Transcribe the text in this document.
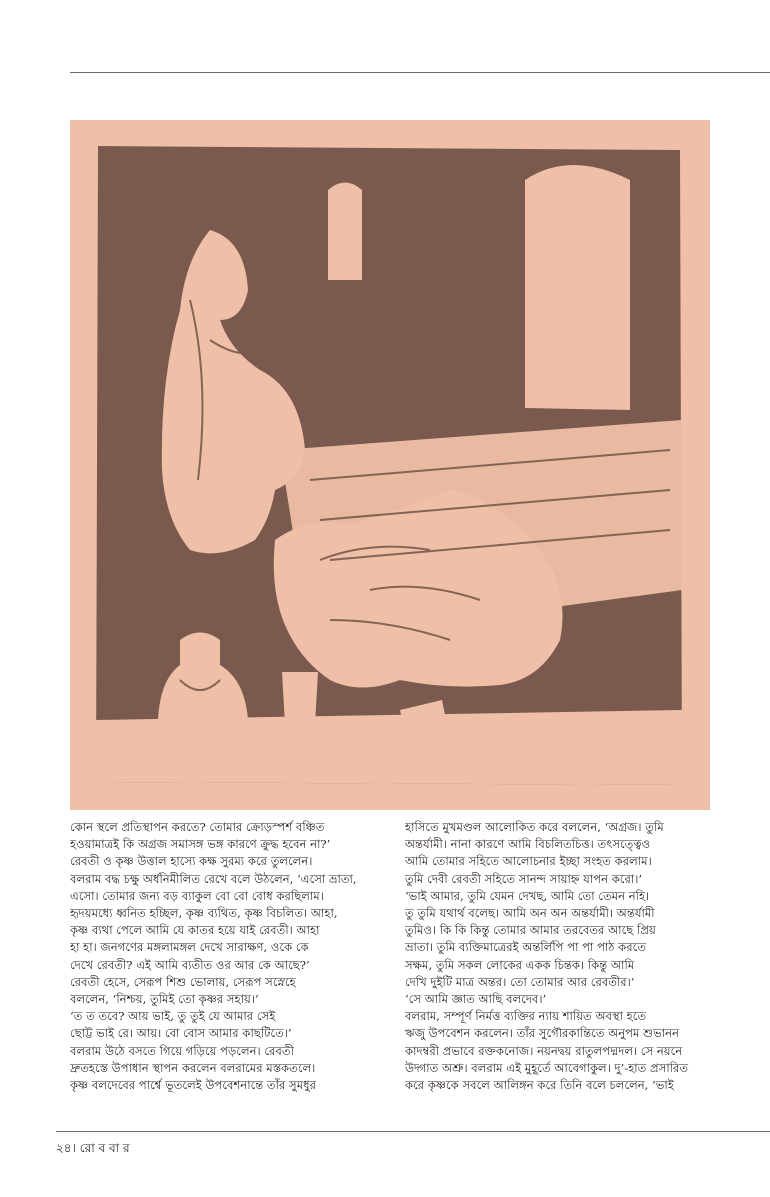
কোন স্থলে প্রতিস্থাপন করতে? তোমার ক্রোড়স্পর্শ বঞ্চিত

হওয়ামাত্রই কি অগ্রজ সমাসঙ্গ ভঙ্গ কারণে ক্রুদ্ধ হবেন না?’

রেবতী ও কৃষ্ণ উত্তাল হাস্যে কক্ষ সুরম্য করে তুললেন।

বলরাম বদ্ধ চক্ষু অর্ধনিমীলিত রেখে বলে উঠলেন, ‘এসো ভ্রাতা,

এসো। তোমার জন্য বড় ব্যাকুল বো বো বোধ করছিলাম।

হৃদয়মধ্যে ধ্বনিত হচ্ছিল, কৃষ্ণ ব্যথিত, কৃষ্ণ বিচলিত। আহা,

কৃষ্ণ ব্যথা পেলে আমি যে কাতর হয়ে যাই রেবতী। আহা

হা হা। জনগণের মঙ্গলামঙ্গল দেখে সারাক্ষণ, ওকে কে

দেখে রেবতী? এই আমি ব্যতীত ওর আর কে আছে?’

রেবতী হেসে, সেরূপ শিশু ভোলায়, সেরূপ সস্নেহে

বললেন, ‘নিশ্চয়, তুমিই তো কৃষ্ণর সহায়।’

‘ত ত তবে? আয় ভাই, তু তুই যে আমার সেই

ছোট্ট ভাই রে। আয়। বো বোস আমার কাছটিতে।’

বলরাম উঠে বসতে গিয়ে গড়িয়ে পড়লেন। রেবতী

দ্রুতহস্তে উপাধান স্থাপন করলেন বলরামের মস্তকতলে।

কৃষ্ণ বলদেবের পার্শ্বে ভূতলেই উপবেশনান্তে তাঁর সুমধুর

হাসিতে মুখমণ্ডল আলোকিত করে বললেন, ‘অগ্রজ। তুমি

অন্তর্যামী। নানা কারণে আমি বিচলিতচিত্ত। তৎসত্ত্বেও

আমি তোমার সহিতে আলোচনার ইচ্ছা সংহত করলাম।

তুমি দেবী রেবতী সহিতে সানন্দ সায়াহ্ন যাপন করো।’

‘ভাই আমার, তুমি যেমন দেখছ, আমি তো তেমন নহি।

তু তুমি যথার্থ বলেছ। আমি অন অন অন্তর্যামী। অন্তর্যামী

তুমিও। কি কি কিন্তু তোমার আমার তরবেতর আছে প্রিয়

ভ্রাতা। তুমি ব্যক্তিমাত্রেরই অন্তর্লিপি পা পা পাঠ করতে

সক্ষম, তুমি সকল লোকের একক চিন্তক। কিন্তু আমি

দেখি দুইটি মাত্র অন্তর। তো তোমার আর রেবতীর।’

‘সে আমি জ্ঞাত আছি বলদেব।’

বলরাম, সম্পূর্ণ নির্মত্ত ব্যক্তির ন্যায় শায়িত অবস্থা হতে

ঋজু উপবেশন করলেন। তাঁর সুগৌরকান্তিতে অনুপম শুভানন

কাদম্বরী প্রভাবে রক্তকনোজ। নয়নদ্বয় রাতুলপদ্মদল। সে নয়নে

উদ্গাত অশ্রু। বলরাম এই মুহূর্তে আবেগাকুল। দু’-হাত প্রসারিত

করে কৃষ্ণকে সবলে আলিঙ্গন করে তিনি বলে চললেন, ‘ভাই

২৪। রো ব বা র
